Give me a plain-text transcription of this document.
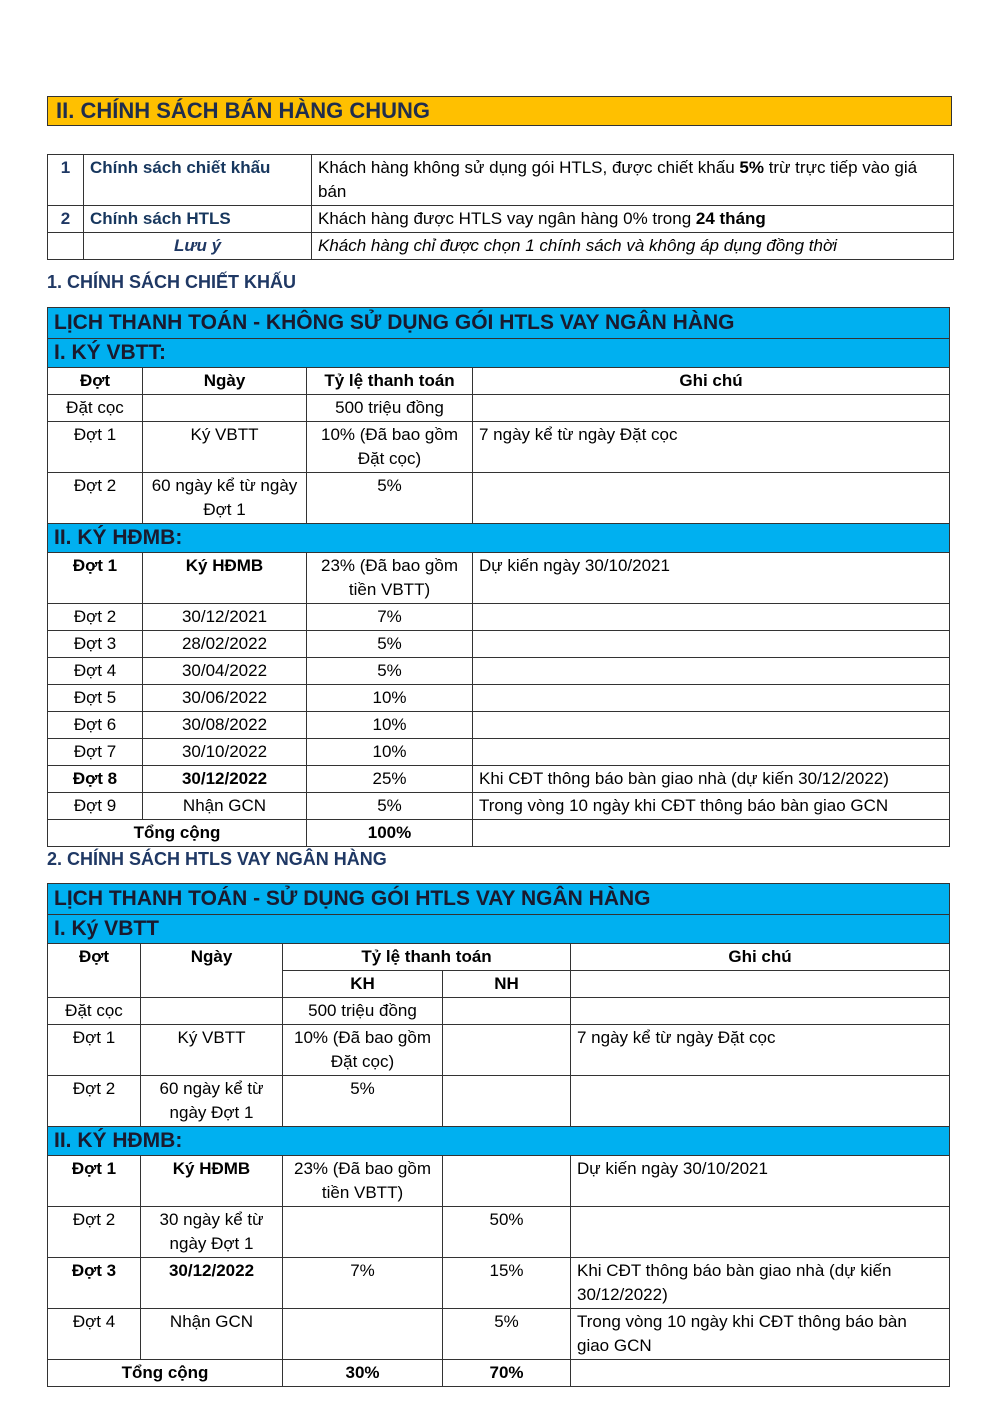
II. CHÍNH SÁCH BÁN HÀNG CHUNG
1	Chính sách chiết khấu	Khách hàng không sử dụng gói HTLS, được chiết khấu 5% trừ trực tiếp vào giá bán
2	Chính sách HTLS	Khách hàng được HTLS vay ngân hàng 0% trong 24 tháng
	Lưu ý	Khách hàng chỉ được chọn 1 chính sách và không áp dụng đồng thời
1. CHÍNH SÁCH CHIẾT KHẤU
LỊCH THANH TOÁN - KHÔNG SỬ DỤNG GÓI HTLS VAY NGÂN HÀNG			
I. KÝ VBTT:			
Đợt	Ngày	Tỷ lệ thanh toán	Ghi chú
Đặt cọc		500 triệu đồng	
Đợt 1	Ký VBTT	10% (Đã bao gồm Đặt cọc)	7 ngày kể từ ngày Đặt cọc
Đợt 2	60 ngày kể từ ngày Đợt 1	5%	
II. KÝ HĐMB:			
Đợt 1	Ký HĐMB	23% (Đã bao gồm tiền VBTT)	Dự kiến ngày 30/10/2021
Đợt 2	30/12/2021	7%	
Đợt 3	28/02/2022	5%	
Đợt 4	30/04/2022	5%	
Đợt 5	30/06/2022	10%	
Đợt 6	30/08/2022	10%	
Đợt 7	30/10/2022	10%	
Đợt 8	30/12/2022	25%	Khi CĐT thông báo bàn giao nhà (dự kiến 30/12/2022)
Đợt 9	Nhận GCN	5%	Trong vòng 10 ngày khi CĐT thông báo bàn giao GCN
Tổng cộng		100%	
2. CHÍNH SÁCH HTLS VAY NGÂN HÀNG
LỊCH THANH TOÁN - SỬ DỤNG GÓI HTLS VAY NGÂN HÀNG				
I. Ký VBTT				
Đợt	Ngày	Tỷ lệ thanh toán		Ghi chú
		KH	NH	
Đặt cọc		500 triệu đồng		
Đợt 1	Ký VBTT	10% (Đã bao gồm Đặt cọc)		7 ngày kể từ ngày Đặt cọc
Đợt 2	60 ngày kể từ ngày Đợt 1	5%		
II. KÝ HĐMB:				
Đợt 1	Ký HĐMB	23% (Đã bao gồm tiền VBTT)		Dự kiến ngày 30/10/2021
Đợt 2	30 ngày kể từ ngày Đợt 1		50%	
Đợt 3	30/12/2022	7%	15%	Khi CĐT thông báo bàn giao nhà (dự kiến 30/12/2022)
Đợt 4	Nhận GCN		5%	Trong vòng 10 ngày khi CĐT thông báo bàn giao GCN
Tổng cộng		30%	70%	
